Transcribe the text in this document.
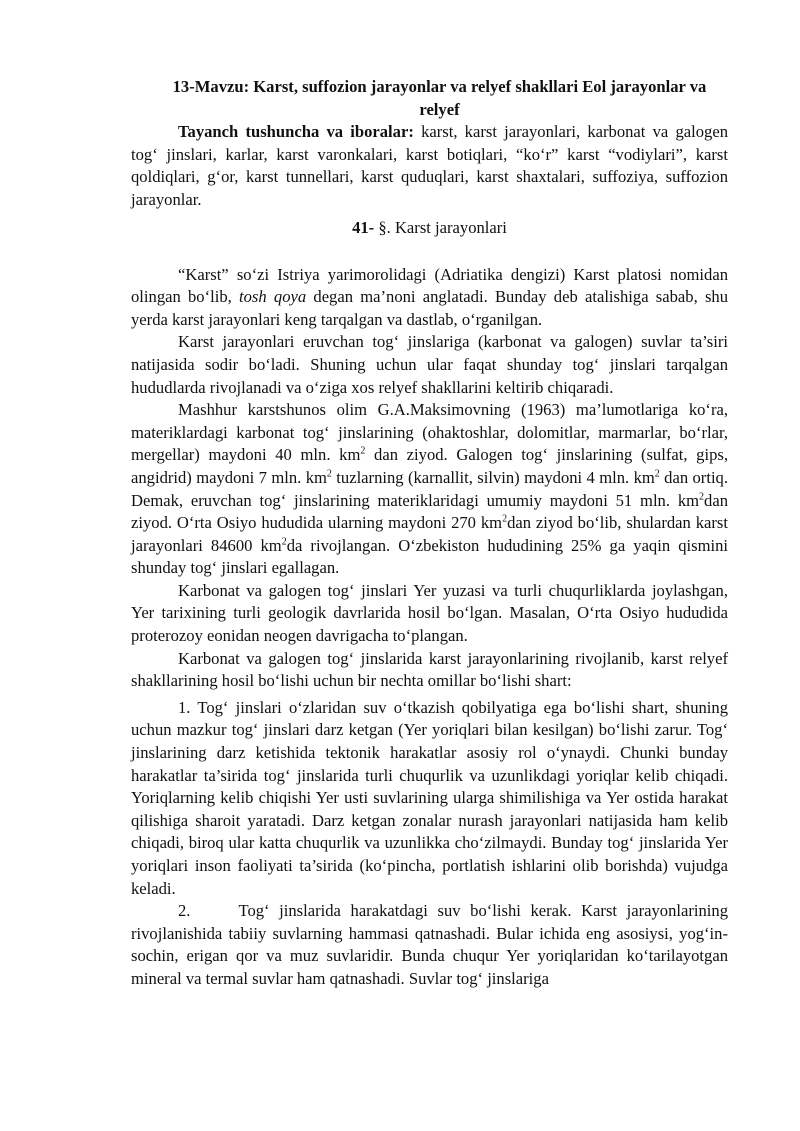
13-Mavzu: Karst, suffozion jarayonlar va relyef shakllari Eol jarayonlar va relyef

Tayanch tushuncha va iboralar: karst, karst jarayonlari, karbonat va galogen tog‘ jinslari, karlar, karst varonkalari, karst botiqlari, “ko‘r” karst “vodiylari”, karst qoldiqlari, g‘or, karst tunnellari, karst quduqlari, karst shaxtalari, suffoziya, suffozion jarayonlar.

41- §. Karst jarayonlari

“Karst” so‘zi Istriya yarimorolidagi (Adriatika dengizi) Karst platosi nomidan olingan bo‘lib, tosh qoya degan ma’noni anglatadi. Bunday deb atalishiga sabab, shu yerda karst jarayonlari keng tarqalgan va dastlab, o‘rganilgan.

Karst jarayonlari eruvchan tog‘ jinslariga (karbonat va galogen) suvlar ta’siri natijasida sodir bo‘ladi. Shuning uchun ular faqat shunday tog‘ jinslari tarqalgan hududlarda rivojlanadi va o‘ziga xos relyef shakllarini keltirib chiqaradi.

Mashhur karstshunos olim G.A.Maksimovning (1963) ma’lumotlariga ko‘ra, materiklardagi karbonat tog‘ jinslarining (ohaktoshlar, dolomitlar, marmarlar, bo‘rlar, mergellar) maydoni 40 mln. $km^2$ dan ziyod. Galogen tog‘ jinslarining (sulfat, gips, angidrid) maydoni 7 mln. $km^2$ tuzlarning (karnallit, silvin) maydoni 4 mln. $km^2$ dan ortiq. Demak, eruvchan tog‘ jinslarining materiklaridagi umumiy maydoni 51 mln. $km^2dan$ ziyod. O‘rta Osiyo hududida ularning maydoni 270 $km^2dan$ ziyod bo‘lib, shulardan karst jarayonlari 84600 $km^2da$ rivojlangan. O‘zbekiston hududining 25% ga yaqin qismini shunday tog‘ jinslari egallagan.

Karbonat va galogen tog‘ jinslari Yer yuzasi va turli chuqurliklarda joylashgan, Yer tarixining turli geologik davrlarida hosil bo‘lgan. Masalan, O‘rta Osiyo hududida proterozoy eonidan neogen davrigacha to‘plangan.

Karbonat va galogen tog‘ jinslarida karst jarayonlarining rivojlanib, karst relyef shakllarining hosil bo‘lishi uchun bir nechta omillar bo‘lishi shart:

1. Tog‘ jinslari o‘zlaridan suv o‘tkazish qobilyatiga ega bo‘lishi shart, shuning uchun mazkur tog‘ jinslari darz ketgan (Yer yoriqlari bilan kesilgan) bo‘lishi zarur. Tog‘ jinslarining darz ketishida tektonik harakatlar asosiy rol o‘ynaydi. Chunki bunday harakatlar ta’sirida tog‘ jinslarida turli chuqurlik va uzunlikdagi yoriqlar kelib chiqadi. Yoriqlarning kelib chiqishi Yer usti suvlarining ularga shimilishiga va Yer ostida harakat qilishiga sharoit yaratadi. Darz ketgan zonalar nurash jarayonlari natijasida ham kelib chiqadi, biroq ular katta chuqurlik va uzunlikka cho‘zilmaydi. Bunday tog‘ jinslarida Yer yoriqlari inson faoliyati ta’sirida (ko‘pincha, portlatish ishlarini olib borishda) vujudga keladi.

2.	Tog‘ jinslarida harakatdagi suv bo‘lishi kerak. Karst jarayonlarining rivojlanishida tabiiy suvlarning hammasi qatnashadi. Bular ichida eng asosiysi, yog‘in-sochin, erigan qor va muz suvlaridir. Bunda chuqur Yer yoriqlaridan ko‘tarilayotgan mineral va termal suvlar ham qatnashadi. Suvlar tog‘ jinslariga
